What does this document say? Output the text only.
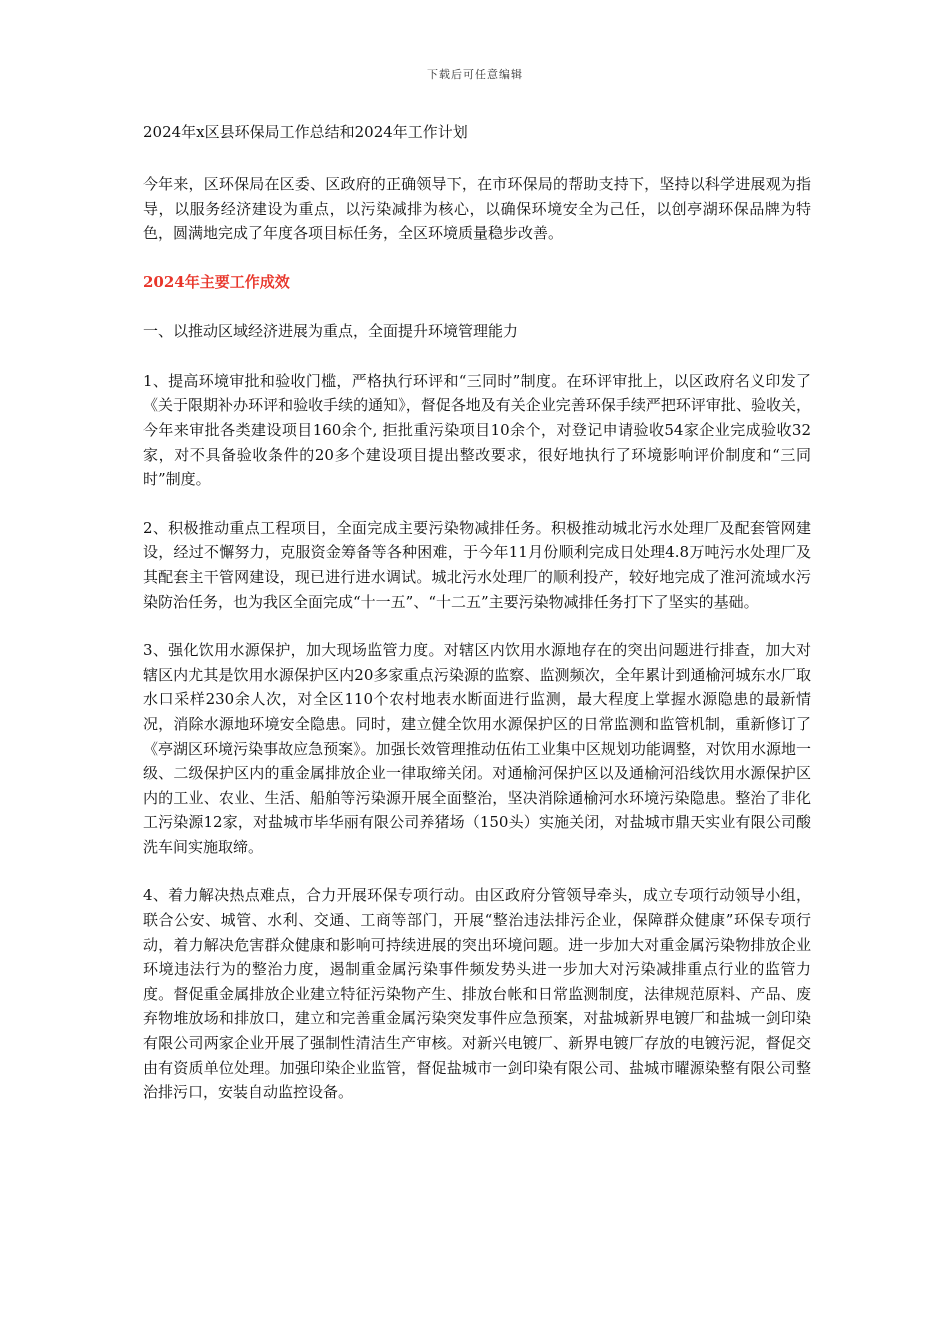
下载后可任意编辑
2024年x区县环保局工作总结和2024年工作计划

今年来，区环保局在区委、区政府的正确领导下，在市环保局的帮助支持下，坚持以科学进展观为指导，以服务经济建设为重点，以污染减排为核心，以确保环境安全为己任，以创亭湖环保品牌为特色，圆满地完成了年度各项目标任务，全区环境质量稳步改善。

2024年主要工作成效
一、以推动区域经济进展为重点，全面提升环境管理能力

1、提高环境审批和验收门槛，严格执行环评和“三同时”制度。在环评审批上，以区政府名义印发了《关于限期补办环评和验收手续的通知》，督促各地及有关企业完善环保手续严把环评审批、验收关，今年来审批各类建设项目160余个, 拒批重污染项目10余个，对登记申请验收54家企业完成验收32家，对不具备验收条件的20多个建设项目提出整改要求，很好地执行了环境影响评价制度和“三同时”制度。

2、积极推动重点工程项目，全面完成主要污染物减排任务。积极推动城北污水处理厂及配套管网建设，经过不懈努力，克服资金筹备等各种困难，于今年11月份顺利完成日处理4.8万吨污水处理厂及其配套主干管网建设，现已进行进水调试。城北污水处理厂的顺利投产，较好地完成了淮河流域水污染防治任务，也为我区全面完成“十一五”、“十二五”主要污染物减排任务打下了坚实的基础。

3、强化饮用水源保护，加大现场监管力度。对辖区内饮用水源地存在的突出问题进行排查，加大对辖区内尤其是饮用水源保护区内20多家重点污染源的监察、监测频次，全年累计到通榆河城东水厂取水口采样230余人次，对全区110个农村地表水断面进行监测，最大程度上掌握水源隐患的最新情况，消除水源地环境安全隐患。同时，建立健全饮用水源保护区的日常监测和监管机制，重新修订了《亭湖区环境污染事故应急预案》。加强长效管理推动伍佑工业集中区规划功能调整，对饮用水源地一级、二级保护区内的重金属排放企业一律取缔关闭。对通榆河保护区以及通榆河沿线饮用水源保护区内的工业、农业、生活、船舶等污染源开展全面整治，坚决消除通榆河水环境污染隐患。整治了非化工污染源12家，对盐城市毕华丽有限公司养猪场（150头）实施关闭，对盐城市鼎天实业有限公司酸洗车间实施取缔。

4、着力解决热点难点，合力开展环保专项行动。由区政府分管领导牵头，成立专项行动领导小组，联合公安、城管、水利、交通、工商等部门，开展“整治违法排污企业，保障群众健康”环保专项行动，着力解决危害群众健康和影响可持续进展的突出环境问题。进一步加大对重金属污染物排放企业环境违法行为的整治力度，遏制重金属污染事件频发势头进一步加大对污染减排重点行业的监管力度。督促重金属排放企业建立特征污染物产生、排放台帐和日常监测制度，法律规范原料、产品、废弃物堆放场和排放口，建立和完善重金属污染突发事件应急预案，对盐城新界电镀厂和盐城一剑印染有限公司两家企业开展了强制性清洁生产审核。对新兴电镀厂、新界电镀厂存放的电镀污泥，督促交由有资质单位处理。加强印染企业监管，督促盐城市一剑印染有限公司、盐城市曜源染整有限公司整治排污口，安装自动监控设备。
